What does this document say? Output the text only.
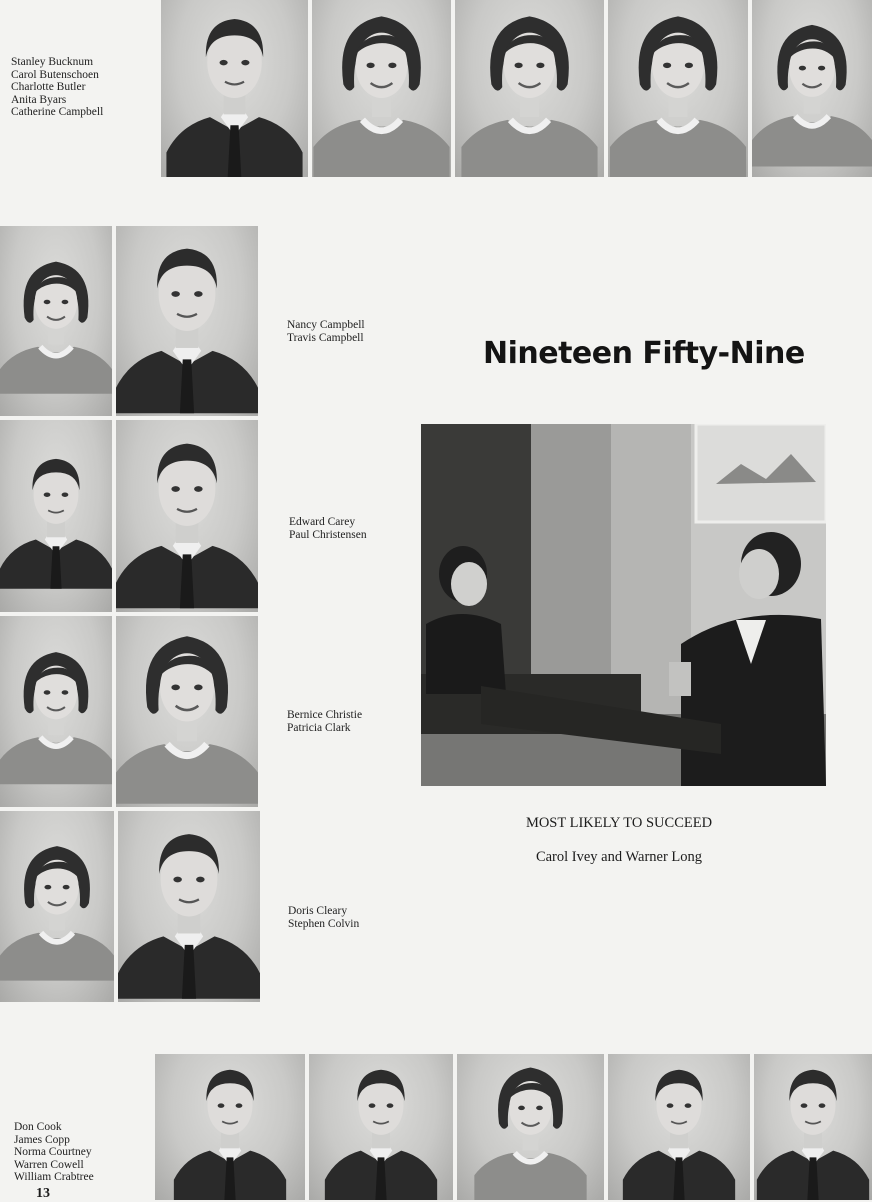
Stanley Bucknum
Carol Butenschoen
Charlotte Butler
Anita Byars
Catherine Campbell
Nancy Campbell
Travis Campbell
Edward Carey
Paul Christensen
Bernice Christie
Patricia Clark
Doris Cleary
Stephen Colvin
Nineteen Fifty-Nine
MOST LIKELY TO SUCCEED
Carol Ivey and Warner Long
Don Cook
James Copp
Norma Courtney
Warren Cowell
William Crabtree
13
